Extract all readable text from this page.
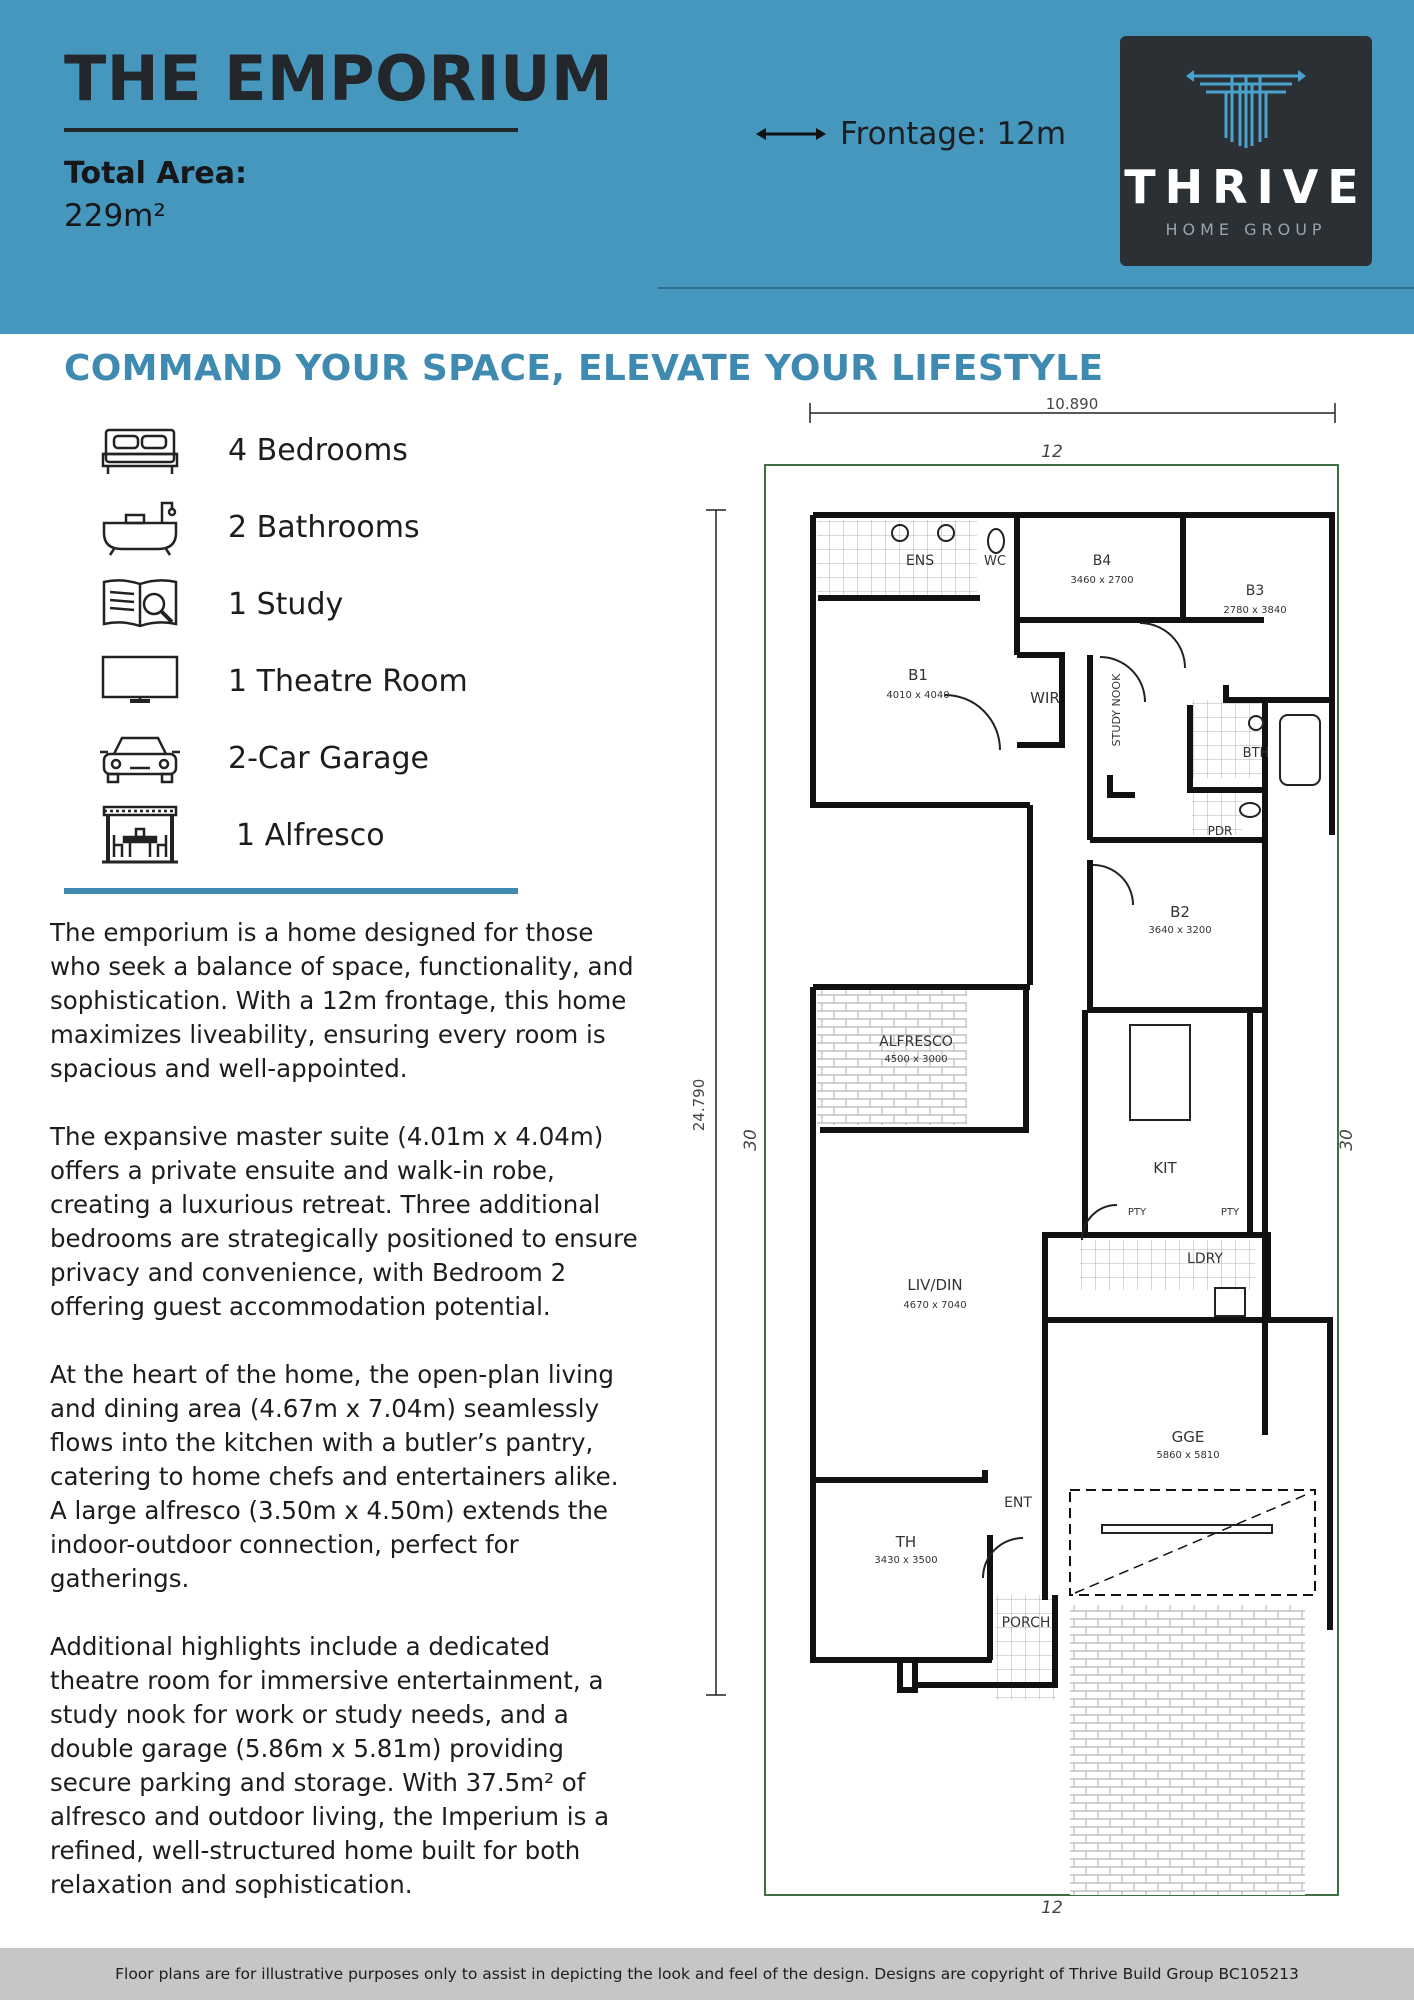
THE EMPORIUM
Total Area:
229m²
Frontage: 12m
THRIVE
HOME GROUP
COMMAND YOUR SPACE, ELEVATE YOUR LIFESTYLE
4 Bedrooms
2 Bathrooms
1 Study
1 Theatre Room
2-Car Garage
1 Alfresco

The emporium is a home designed for those who seek a balance of space, functionality, and sophistication. With a 12m frontage, this home maximizes liveability, ensuring every room is spacious and well-appointed.

The expansive master suite (4.01m x 4.04m) offers a private ensuite and walk-in robe, creating a luxurious retreat. Three additional bedrooms are strategically positioned to ensure privacy and convenience, with Bedroom 2 offering guest accommodation potential.

At the heart of the home, the open-plan living and dining area (4.67m x 7.04m) seamlessly flows into the kitchen with a butler’s pantry, catering to home chefs and entertainers alike. A large alfresco (3.50m x 4.50m) extends the indoor-outdoor connection, perfect for gatherings.

Additional highlights include a dedicated theatre room for immersive entertainment, a study nook for work or study needs, and a double garage (5.86m x 5.81m) providing secure parking and storage. With 37.5m² of alfresco and outdoor living, the Imperium is a refined, well-structured home built for both relaxation and sophistication.

10.890
12
12
24.790
30	30
ENS	WC	B4
3460 x 2700
B3
2780 x 3840
B1
4010 x 4040	WIR	STUDY NOOK
BTH
PDR
B2
3640 x 3200
ALFRESCO
4500 x 3000
KIT
PTY	PTY
LDRY
LIV/DIN
4670 x 7040
GGE
5860 x 5810
ENT
TH
3430 x 3500
PORCH
Floor plans are for illustrative purposes only to assist in depicting the look and feel of the design. Designs are copyright of Thrive Build Group BC105213
